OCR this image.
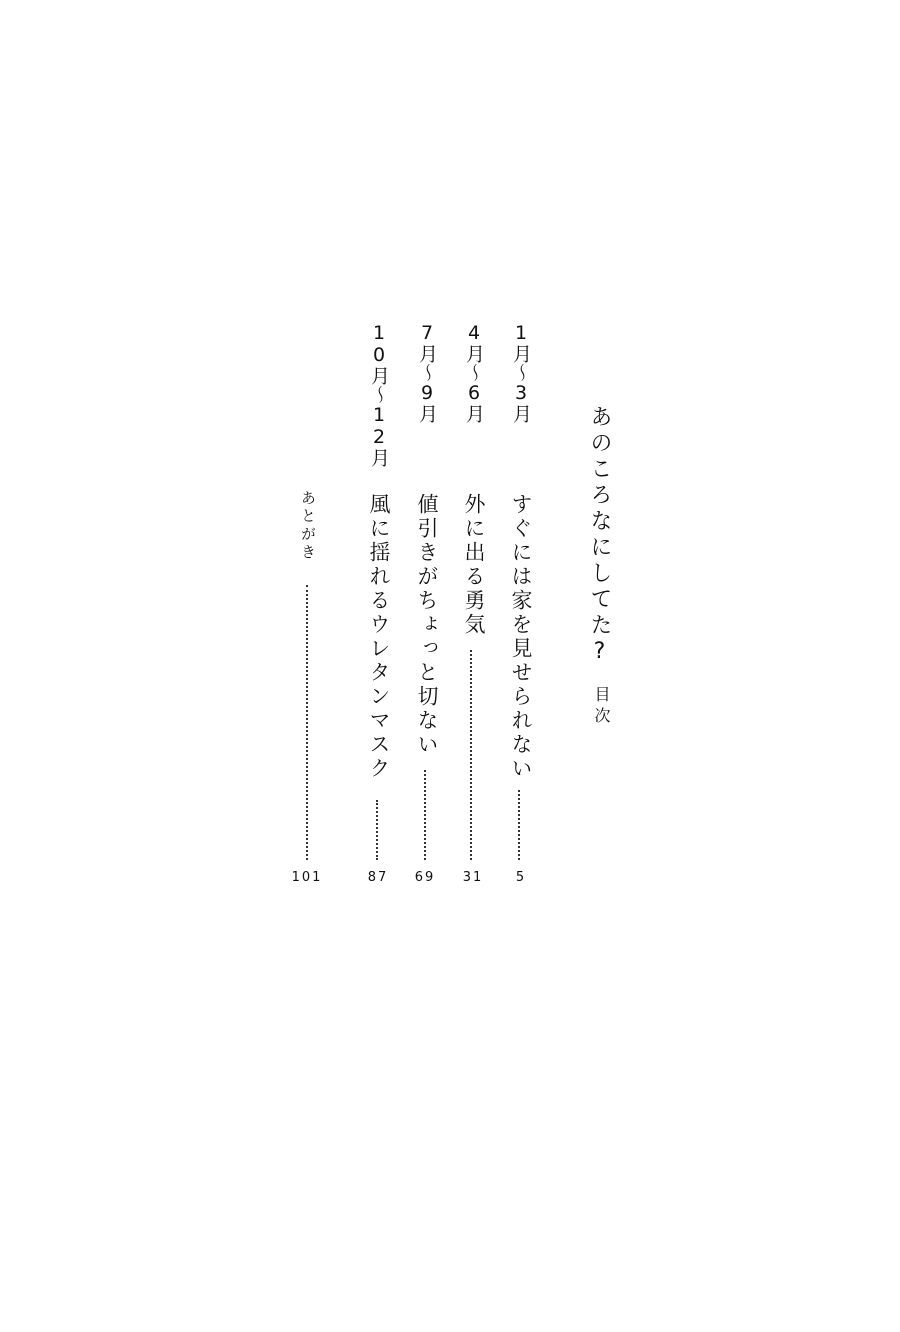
あのころなにしてた?
目次
1月〜3月
すぐには家を見せられない
5
4月〜6月
外に出る勇気
31
7月〜9月
値引きがちょっと切ない
69
10月〜12月
風に揺れるウレタンマスク
87
あとがき
101
